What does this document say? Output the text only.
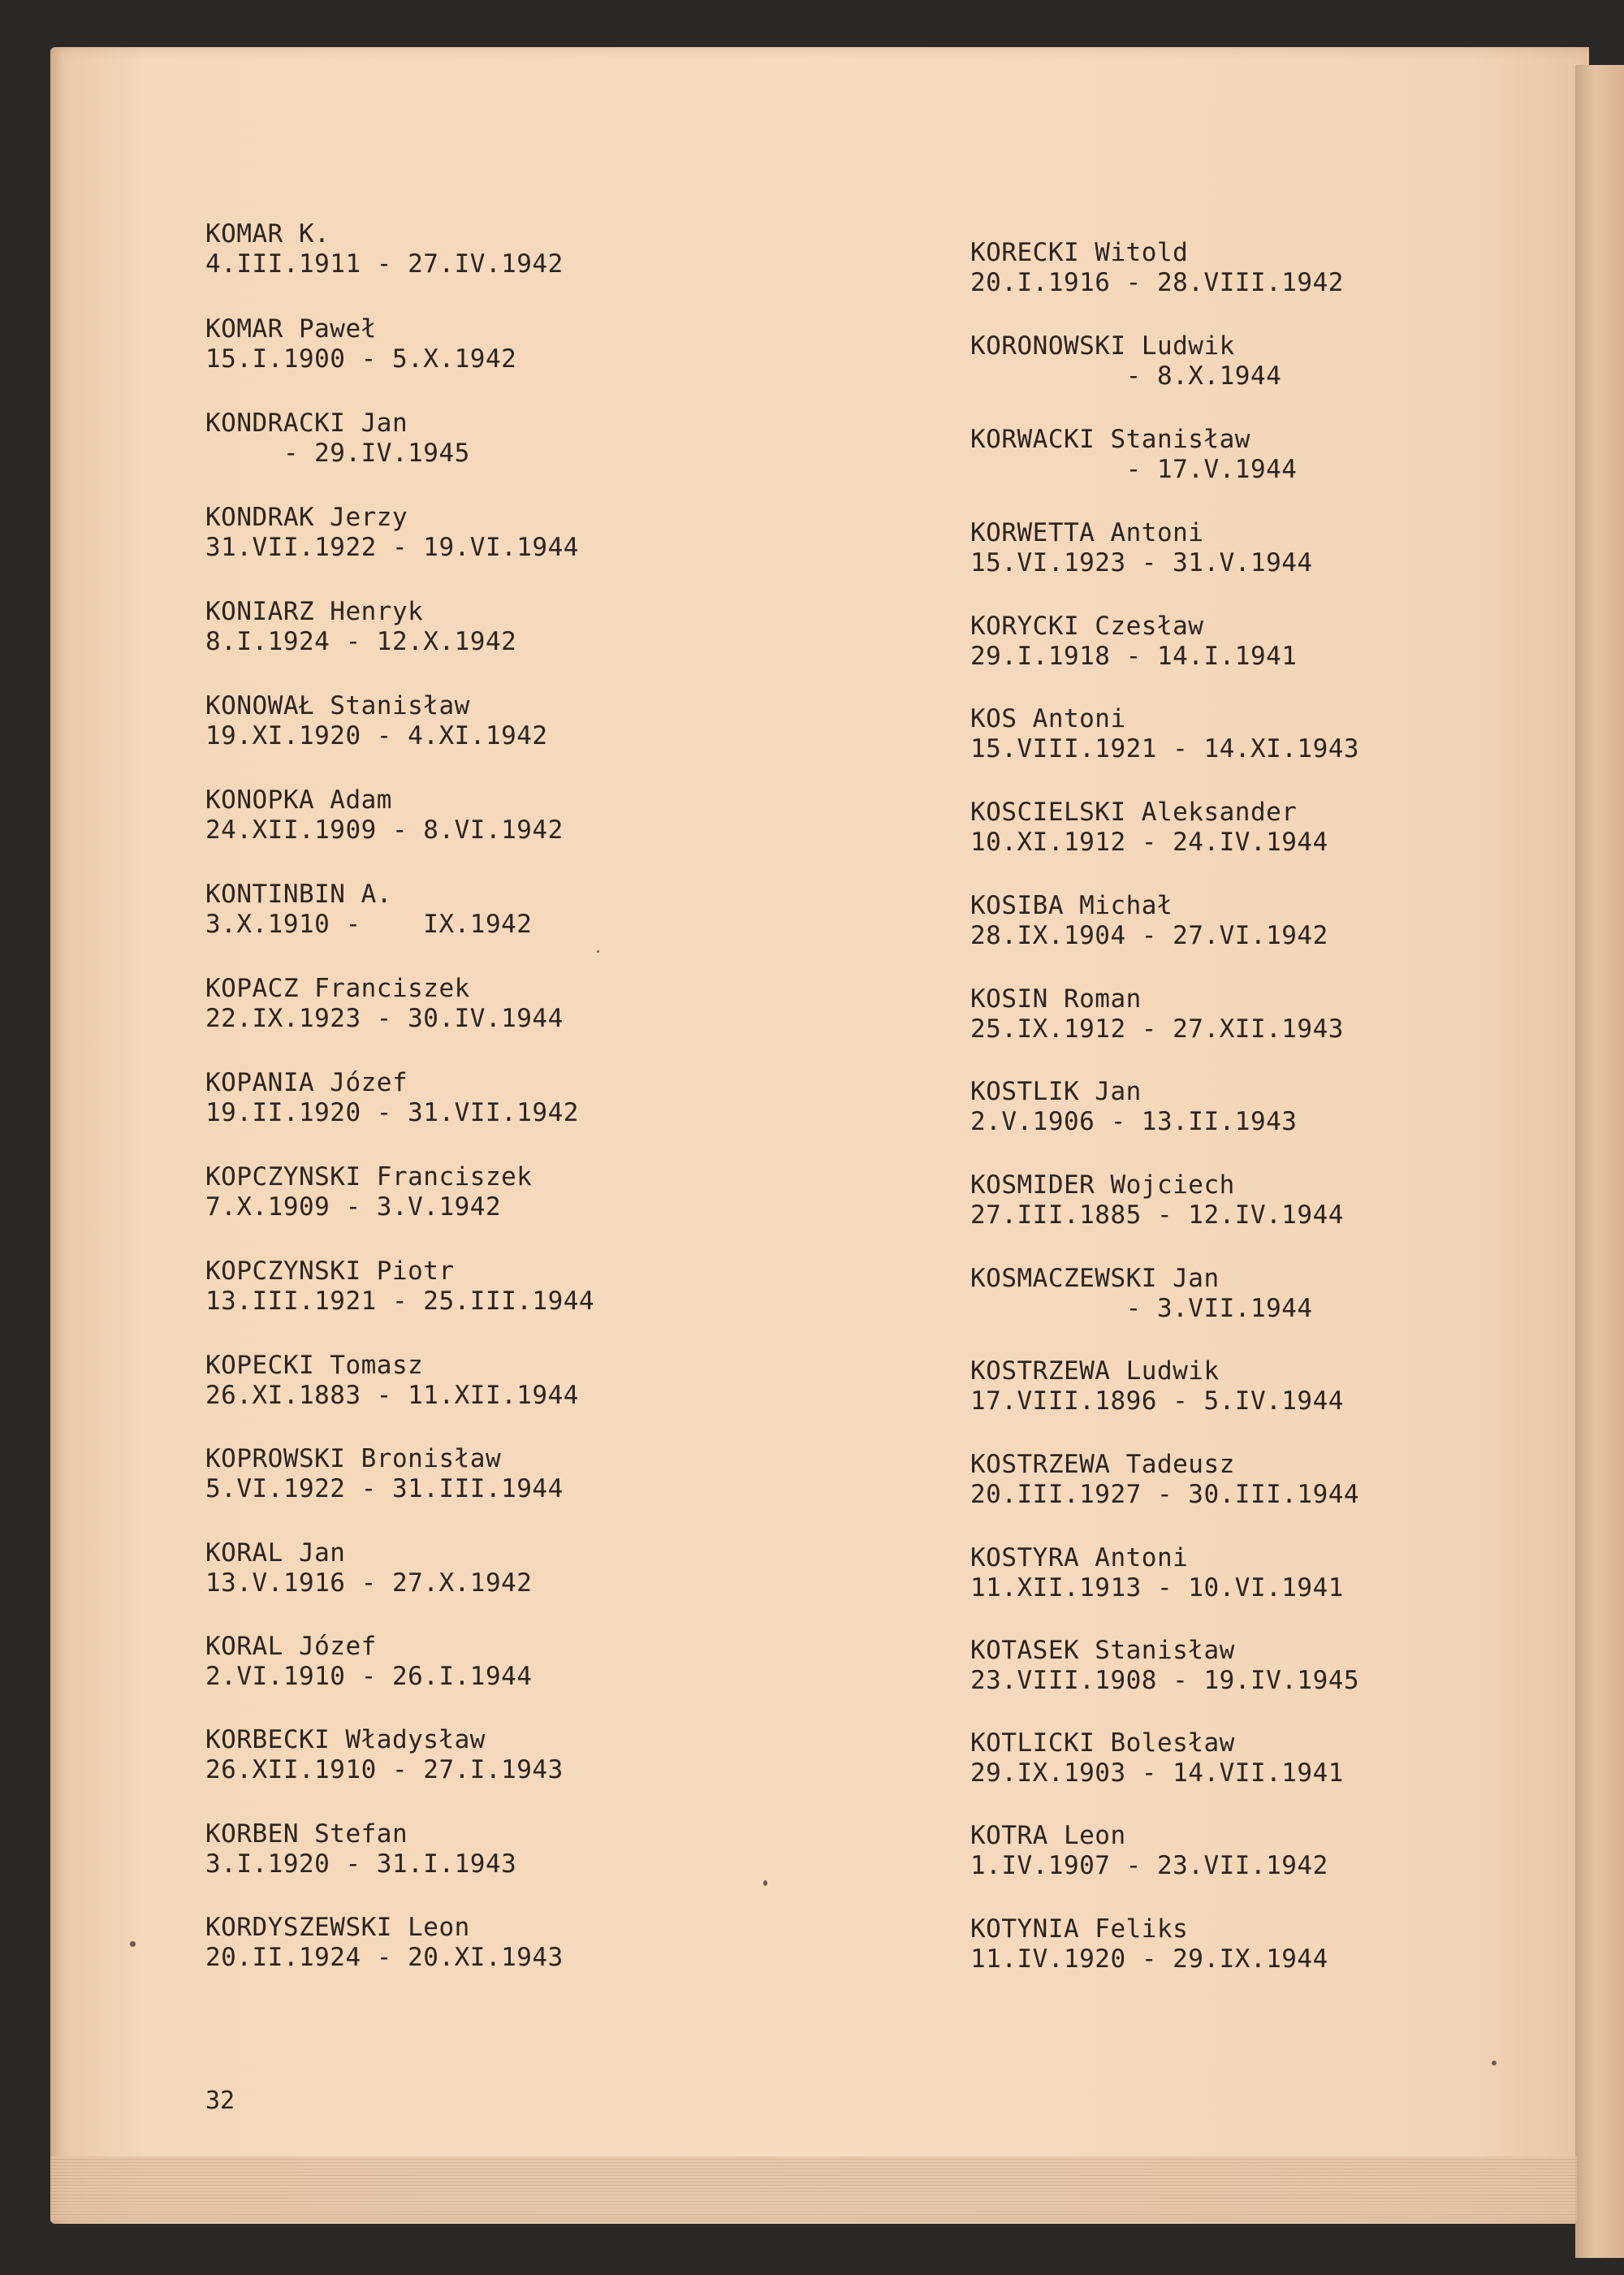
KOMAR K.
4.III.1911 - 27.IV.1942
KOMAR Paweł
15.I.1900 - 5.X.1942
KONDRACKI Jan
- 29.IV.1945
KONDRAK Jerzy
31.VII.1922 - 19.VI.1944
KONIARZ Henryk
8.I.1924 - 12.X.1942
KONOWAŁ Stanisław
19.XI.1920 - 4.XI.1942
KONOPKA Adam
24.XII.1909 - 8.VI.1942
KONTINBIN A.
3.X.1910 -    IX.1942
KOPACZ Franciszek
22.IX.1923 - 30.IV.1944
KOPANIA Józef
19.II.1920 - 31.VII.1942
KOPCZYNSKI Franciszek
7.X.1909 - 3.V.1942
KOPCZYNSKI Piotr
13.III.1921 - 25.III.1944
KOPECKI Tomasz
26.XI.1883 - 11.XII.1944
KOPROWSKI Bronisław
5.VI.1922 - 31.III.1944
KORAL Jan
13.V.1916 - 27.X.1942
KORAL Józef
2.VI.1910 - 26.I.1944
KORBECKI Władysław
26.XII.1910 - 27.I.1943
KORBEN Stefan
3.I.1920 - 31.I.1943
KORDYSZEWSKI Leon
20.II.1924 - 20.XI.1943
KORECKI Witold
20.I.1916 - 28.VIII.1942
KORONOWSKI Ludwik
- 8.X.1944
KORWACKI Stanisław
- 17.V.1944
KORWETTA Antoni
15.VI.1923 - 31.V.1944
KORYCKI Czesław
29.I.1918 - 14.I.1941
KOS Antoni
15.VIII.1921 - 14.XI.1943
KOSCIELSKI Aleksander
10.XI.1912 - 24.IV.1944
KOSIBA Michał
28.IX.1904 - 27.VI.1942
KOSIN Roman
25.IX.1912 - 27.XII.1943
KOSTLIK Jan
2.V.1906 - 13.II.1943
KOSMIDER Wojciech
27.III.1885 - 12.IV.1944
KOSMACZEWSKI Jan
- 3.VII.1944
KOSTRZEWA Ludwik
17.VIII.1896 - 5.IV.1944
KOSTRZEWA Tadeusz
20.III.1927 - 30.III.1944
KOSTYRA Antoni
11.XII.1913 - 10.VI.1941
KOTASEK Stanisław
23.VIII.1908 - 19.IV.1945
KOTLICKI Bolesław
29.IX.1903 - 14.VII.1941
KOTRA Leon
1.IV.1907 - 23.VII.1942
KOTYNIA Feliks
11.IV.1920 - 29.IX.1944
32
